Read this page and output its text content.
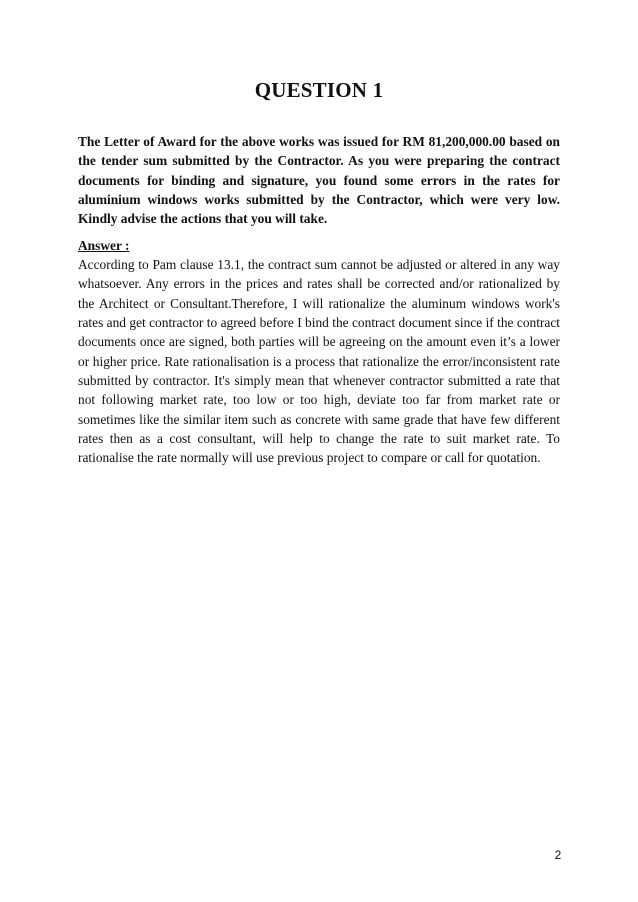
QUESTION 1

The Letter of Award for the above works was issued for RM 81,200,000.00 based on the tender sum submitted by the Contractor. As you were preparing the contract documents for binding and signature, you found some errors in the rates for aluminium windows works submitted by the Contractor, which were very low. Kindly advise the actions that you will take.

Answer :

According to Pam clause 13.1, the contract sum cannot be adjusted or altered in any way whatsoever. Any errors in the prices and rates shall be corrected and/or rationalized by the Architect or Consultant.Therefore, I will rationalize the aluminum windows work's rates and get contractor to agreed before I bind the contract document since if the contract documents once are signed, both parties will be agreeing on the amount even it’s a lower or higher price. Rate rationalisation is a process that rationalize the error/inconsistent rate submitted by contractor. It's simply mean that whenever contractor submitted a rate that not following market rate, too low or too high, deviate too far from market rate or sometimes like the similar item such as concrete with same grade that have few different rates then as a cost consultant, will help to change the rate to suit market rate. To rationalise the rate normally will use previous project to compare or call for quotation.

2
